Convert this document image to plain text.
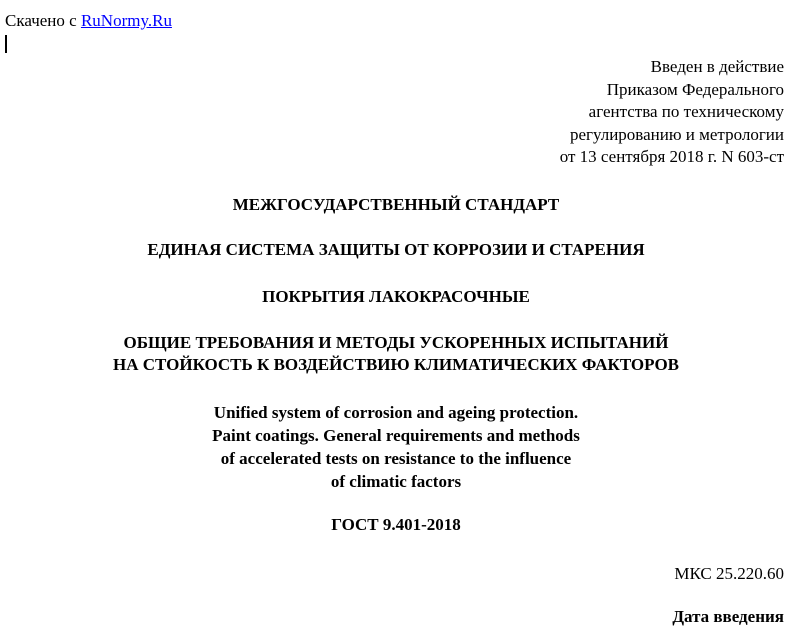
Скачено с RuNormy.Ru
Введен в действие
Приказом Федерального
агентства по техническому
регулированию и метрологии
от 13 сентября 2018 г. N 603-ст
МЕЖГОСУДАРСТВЕННЫЙ СТАНДАРТ
ЕДИНАЯ СИСТЕМА ЗАЩИТЫ ОТ КОРРОЗИИ И СТАРЕНИЯ
ПОКРЫТИЯ ЛАКОКРАСОЧНЫЕ
ОБЩИЕ ТРЕБОВАНИЯ И МЕТОДЫ УСКОРЕННЫХ ИСПЫТАНИЙ
НА СТОЙКОСТЬ К ВОЗДЕЙСТВИЮ КЛИМАТИЧЕСКИХ ФАКТОРОВ
Unified system of corrosion and ageing protection.
Paint coatings. General requirements and methods
of accelerated tests on resistance to the influence
of climatic factors
ГОСТ 9.401-2018
МКС 25.220.60
Дата введения
